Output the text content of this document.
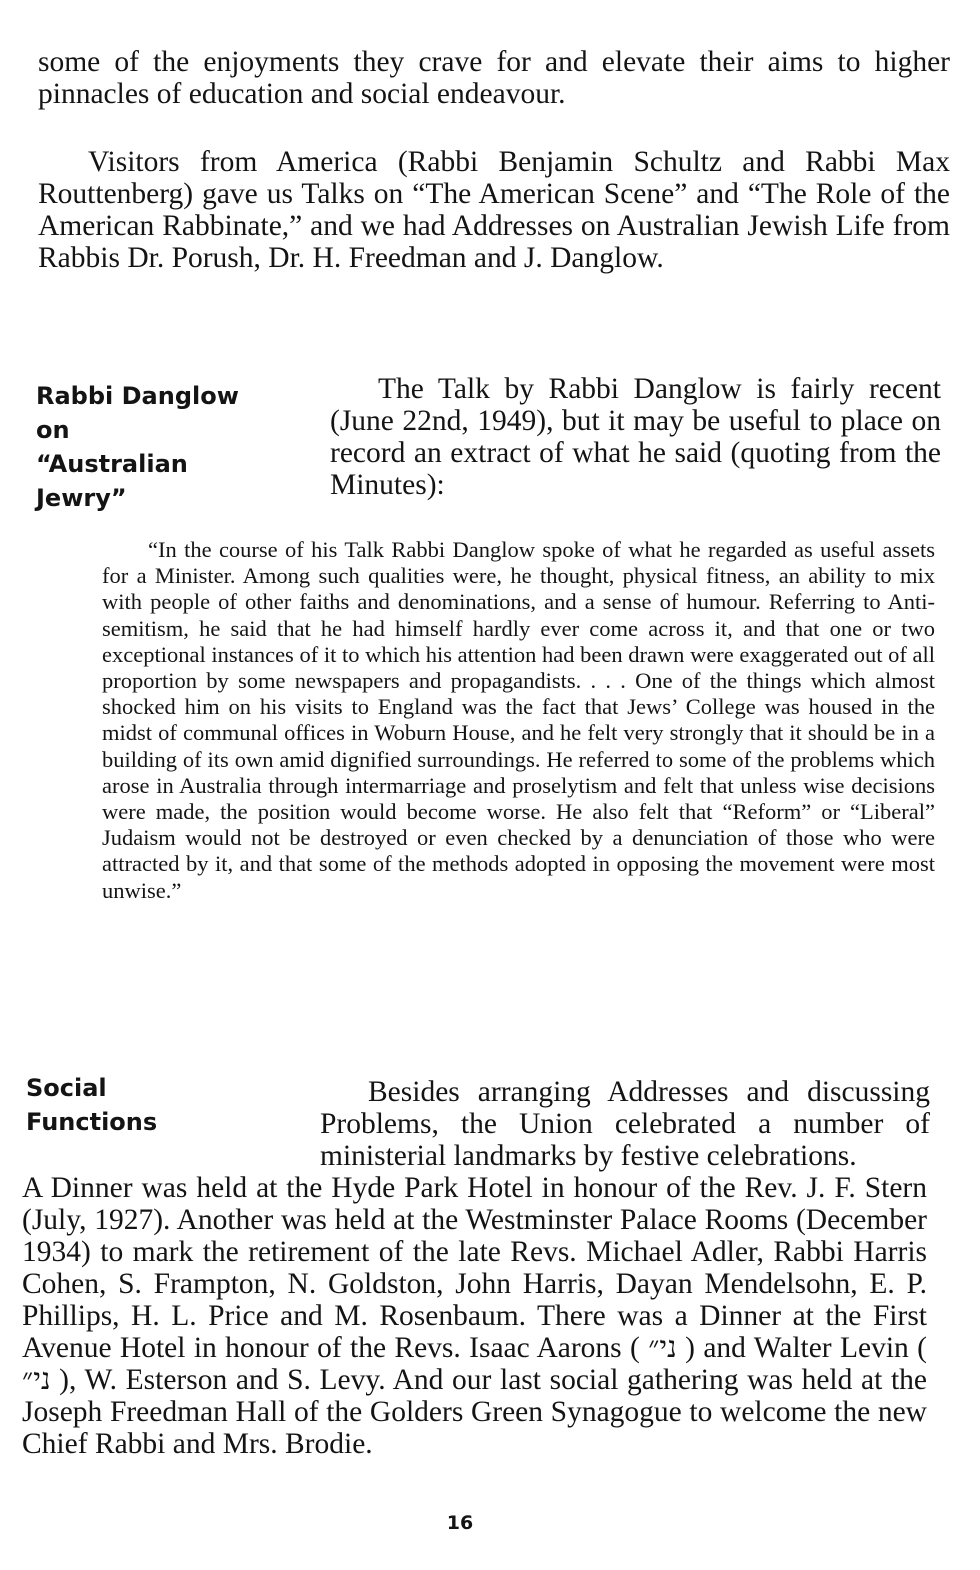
some of the enjoyments they crave for and elevate their aims to higher pinnacles of education and social endeavour.

Visitors from America (Rabbi Benjamin Schultz and Rabbi Max Routtenberg) gave us Talks on “The American Scene” and “The Role of the American Rabbinate,” and we had Addresses on Australian Jewish Life from Rabbis Dr. Porush, Dr. H. Freedman and J. Danglow.

Rabbi Danglow
on
“Australian
Jewry”

The Talk by Rabbi Danglow is fairly recent (June 22nd, 1949), but it may be useful to place on record an extract of what he said (quoting from the Minutes):

“In the course of his Talk Rabbi Danglow spoke of what he regarded as useful assets for a Minister. Among such qualities were, he thought, physical fitness, an ability to mix with people of other faiths and denominations, and a sense of humour. Referring to Anti-semitism, he said that he had himself hardly ever come across it, and that one or two exceptional instances of it to which his attention had been drawn were exaggerated out of all proportion by some newspapers and propagandists. . . . One of the things which almost shocked him on his visits to England was the fact that Jews’ College was housed in the midst of communal offices in Woburn House, and he felt very strongly that it should be in a building of its own amid dignified surroundings. He referred to some of the problems which arose in Australia through intermarriage and proselytism and felt that unless wise decisions were made, the position would become worse. He also felt that “Reform” or “Liberal” Judaism would not be destroyed or even checked by a denunciation of those who were attracted by it, and that some of the methods adopted in opposing the movement were most unwise.”

Social
Functions

Besides arranging Addresses and discussing Problems, the Union celebrated a number of ministerial landmarks by festive celebrations.

A Dinner was held at the Hyde Park Hotel in honour of the Rev. J. F. Stern (July, 1927). Another was held at the Westminster Palace Rooms (December 1934) to mark the retirement of the late Revs. Michael Adler, Rabbi Harris Cohen, S. Frampton, N. Goldston, John Harris, Dayan Mendelsohn, E. P. Phillips, H. L. Price and M. Rosenbaum. There was a Dinner at the First Avenue Hotel in honour of the Revs. Isaac Aarons ( ני״ ) and Walter Levin ( ני״ ), W. Esterson and S. Levy. And our last social gathering was held at the Joseph Freedman Hall of the Golders Green Synagogue to welcome the new Chief Rabbi and Mrs. Brodie.

16
